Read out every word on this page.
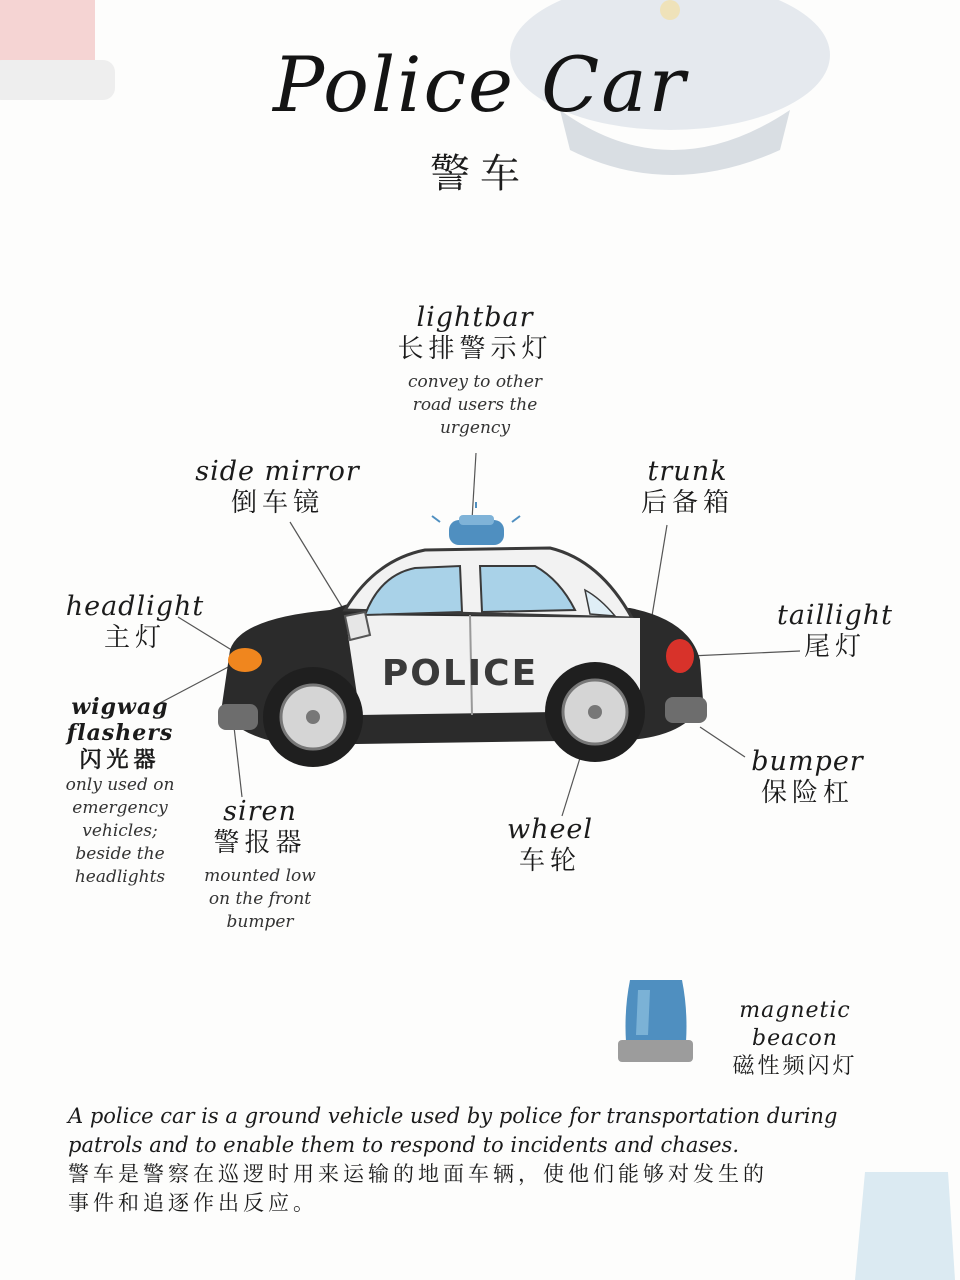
Police Car
警车
POLICE
lightbar
长排警示灯
convey to other
road users the
urgency
side mirror
倒车镜
trunk
后备箱
headlight
主灯
taillight
尾灯
wigwag
flashers
闪光器
only used on
emergency
vehicles;
beside the
headlights
siren
警报器
mounted low
on the front
bumper
wheel
车轮
bumper
保险杠
magnetic beacon
磁性频闪灯
A police car is a ground vehicle used by police for transportation during
patrols and to enable them to respond to incidents and chases.
警车是警察在巡逻时用来运输的地面车辆，使他们能够对发生的
事件和追逐作出反应。
